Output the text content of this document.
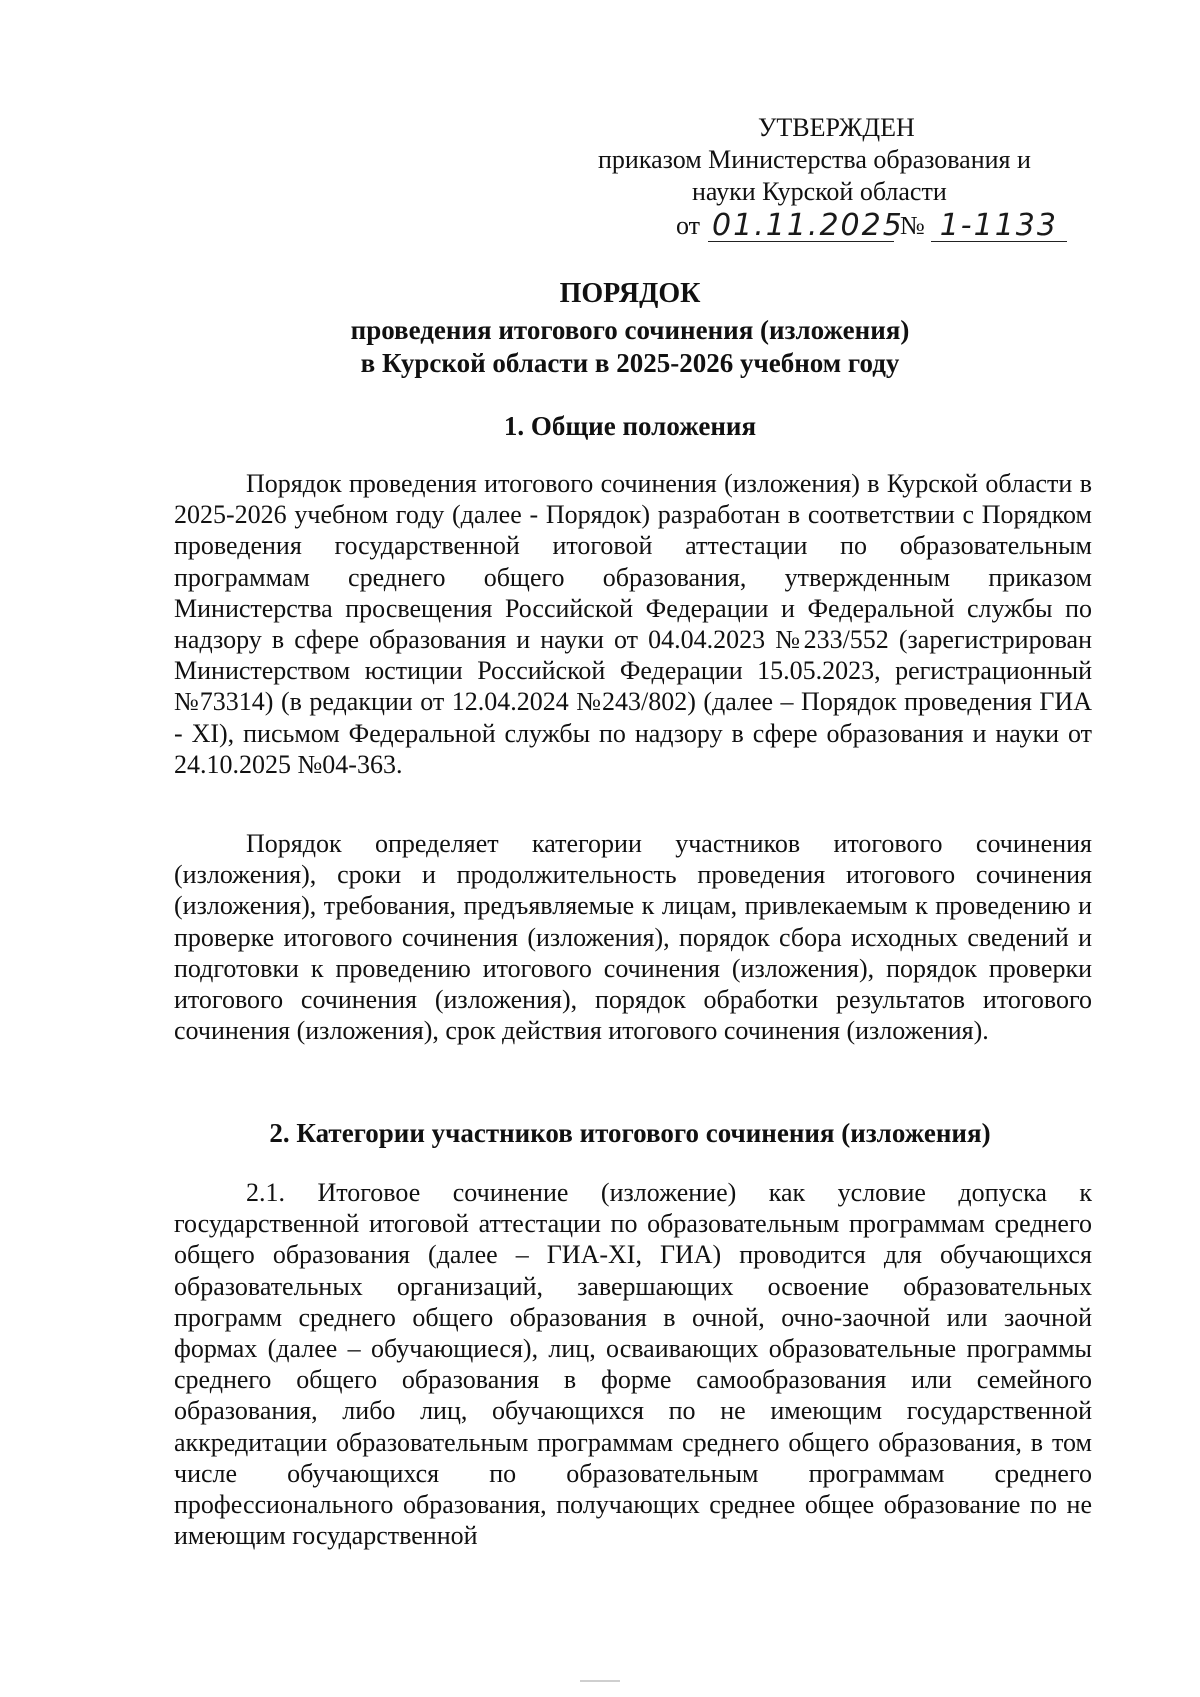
УТВЕРЖДЕН
приказом Министерства образования и
науки Курской области
от 01.11.2025
№ 1-1133
ПОРЯДОК
проведения итогового сочинения (изложения)
в Курской области в 2025-2026 учебном году
1. Общие положения
Порядок проведения итогового сочинения (изложения) в Курской области в 2025-2026 учебном году (далее - Порядок) разработан в соответствии с Порядком проведения государственной итоговой аттестации по образовательным программам среднего общего образования, утвержденным приказом Министерства просвещения Российской Федерации и Федеральной службы по надзору в сфере образования и науки от 04.04.2023 №233/552 (зарегистрирован Министерством юстиции Российской Федерации 15.05.2023, регистрационный №73314) (в редакции от 12.04.2024 №243/802) (далее – Порядок проведения ГИА - XI), письмом Федеральной службы по надзору в сфере образования и науки от 24.10.2025 №04-363.
Порядок определяет категории участников итогового сочинения (изложения), сроки и продолжительность проведения итогового сочинения (изложения), требования, предъявляемые к лицам, привлекаемым к проведению и проверке итогового сочинения (изложения), порядок сбора исходных сведений и подготовки к проведению итогового сочинения (изложения), порядок проверки итогового сочинения (изложения), порядок обработки результатов итогового сочинения (изложения), срок действия итогового сочинения (изложения).
2. Категории участников итогового сочинения (изложения)
2.1. Итоговое сочинение (изложение) как условие допуска к государственной итоговой аттестации по образовательным программам среднего общего образования (далее – ГИА-XI, ГИА) проводится для обучающихся образовательных организаций, завершающих освоение образовательных программ среднего общего образования в очной, очно-заочной или заочной формах (далее – обучающиеся), лиц, осваивающих образовательные программы среднего общего образования в форме самообразования или семейного образования, либо лиц, обучающихся по не имеющим государственной аккредитации образовательным программам среднего общего образования, в том числе обучающихся по образовательным программам среднего профессионального образования, получающих среднее общее образование по не имеющим государственной
